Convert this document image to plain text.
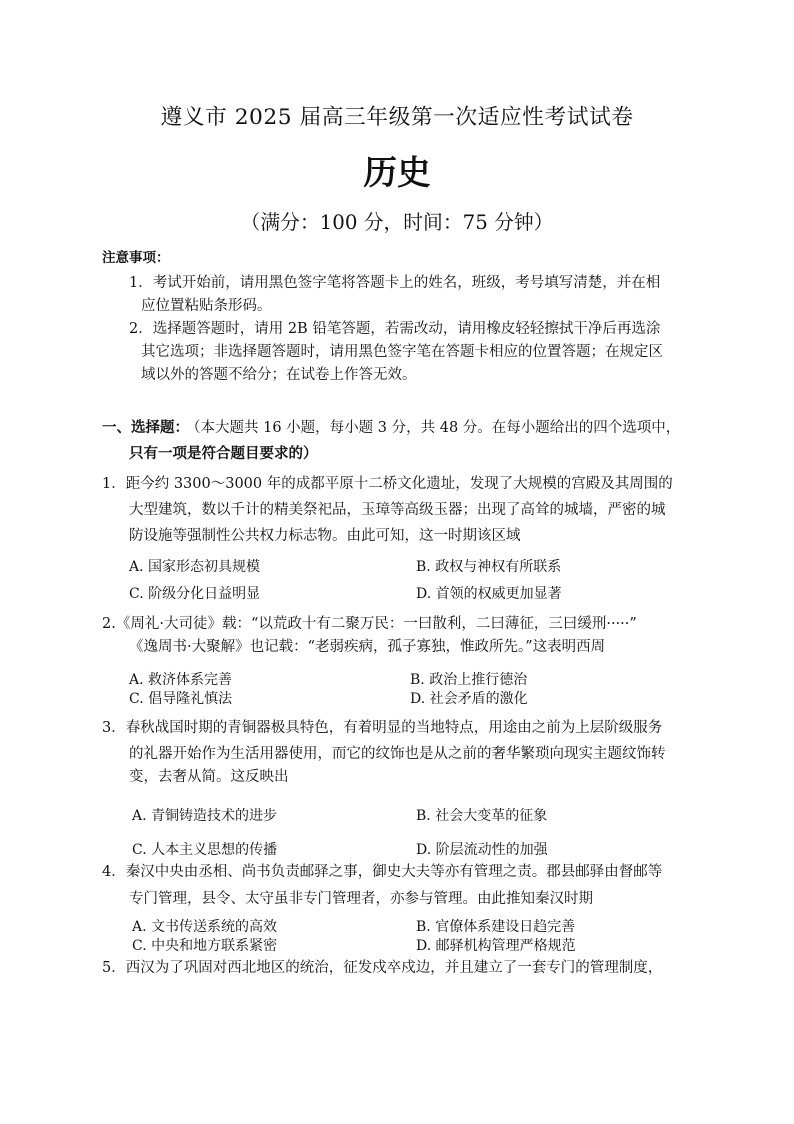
遵义市 2025 届高三年级第一次适应性考试试卷
历史
（满分：100 分，时间：75 分钟）
注意事项：
1．考试开始前，请用黑色签字笔将答题卡上的姓名，班级，考号填写清楚，并在相
应位置粘贴条形码。
2．选择题答题时，请用 2B 铅笔答题，若需改动，请用橡皮轻轻擦拭干净后再选涂
其它选项；非选择题答题时，请用黑色签字笔在答题卡相应的位置答题；在规定区
域以外的答题不给分；在试卷上作答无效。
一、选择题：
（本大题共 16 小题，每小题 3 分，共 48 分。在每小题给出的四个选项中，
只有一项是符合题目要求的）
1．距今约 3300～3000 年的成都平原十二桥文化遗址，发现了大规模的宫殿及其周围的
大型建筑，数以千计的精美祭祀品，玉璋等高级玉器；出现了高耸的城墙，严密的城
防设施等强制性公共权力标志物。由此可知，这一时期该区域
A. 国家形态初具规模	B. 政权与神权有所联系
C. 阶级分化日益明显	D. 首领的权威更加显著
2.《周礼·大司徒》载：“以荒政十有二聚万民：一曰散利，二曰薄征，三曰缓刑·····”
《逸周书·大聚解》也记载：“老弱疾病，孤子寡独，惟政所先。”这表明西周
A. 救济体系完善	B. 政治上推行德治
C. 倡导隆礼慎法	D. 社会矛盾的激化
3．春秋战国时期的青铜器极具特色，有着明显的当地特点，用途由之前为上层阶级服务
的礼器开始作为生活用器使用，而它的纹饰也是从之前的奢华繁琐向现实主题纹饰转
变，去奢从简。这反映出
A. 青铜铸造技术的进步	B. 社会大变革的征象
C. 人本主义思想的传播	D. 阶层流动性的加强
4．秦汉中央由丞相、尚书负责邮驿之事，御史大夫等亦有管理之责。郡县邮驿由督邮等
专门管理，县令、太守虽非专门管理者，亦参与管理。由此推知秦汉时期
A. 文书传送系统的高效	B. 官僚体系建设日趋完善
C. 中央和地方联系紧密	D. 邮驿机构管理严格规范
5．西汉为了巩固对西北地区的统治，征发戍卒戍边，并且建立了一套专门的管理制度，
